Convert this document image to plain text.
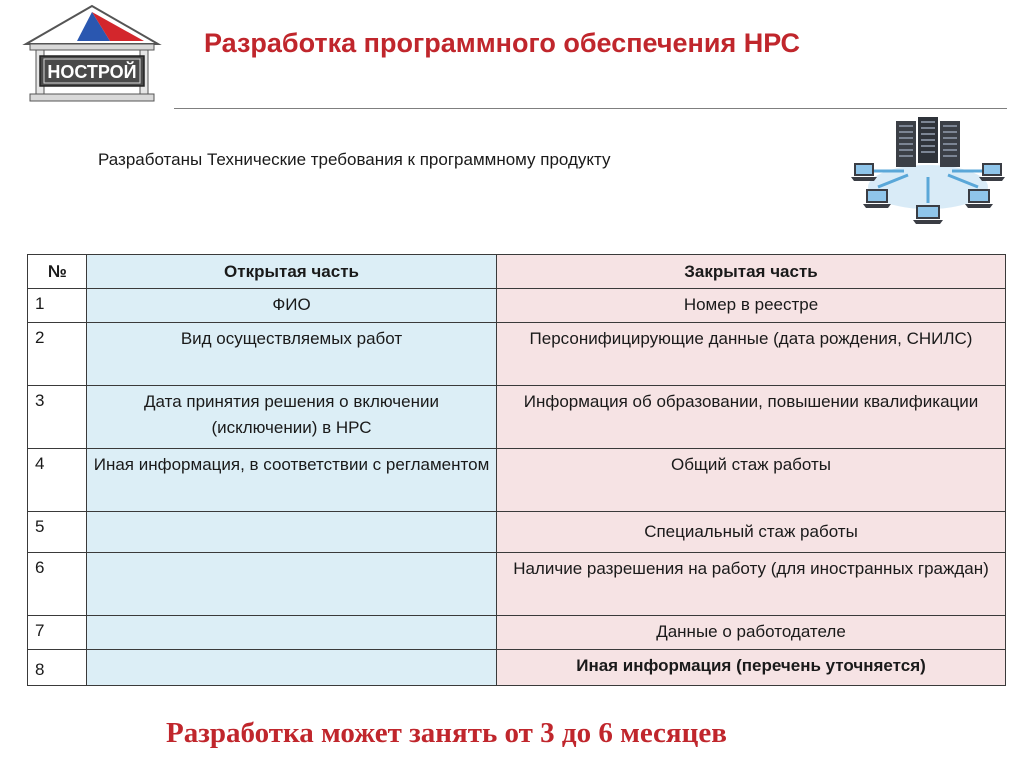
НОСТРОЙ
Разработка программного обеспечения НРС
Разработаны Технические требования к программному продукту
№	Открытая часть	Закрытая часть
1	ФИО	Номер в реестре
2	Вид осуществляемых работ	Персонифицирующие данные (дата рождения, СНИЛС)
3	Дата принятия решения о включении (исключении) в НРС	Информация об образовании, повышении квалификации
4	Иная информация, в соответствии с регламентом	Общий стаж работы
5		Специальный стаж работы
6		Наличие разрешения на работу (для иностранных граждан)
7		Данные о работодателе
8		Иная информация (перечень уточняется)
Разработка может занять от 3 до 6 месяцев
